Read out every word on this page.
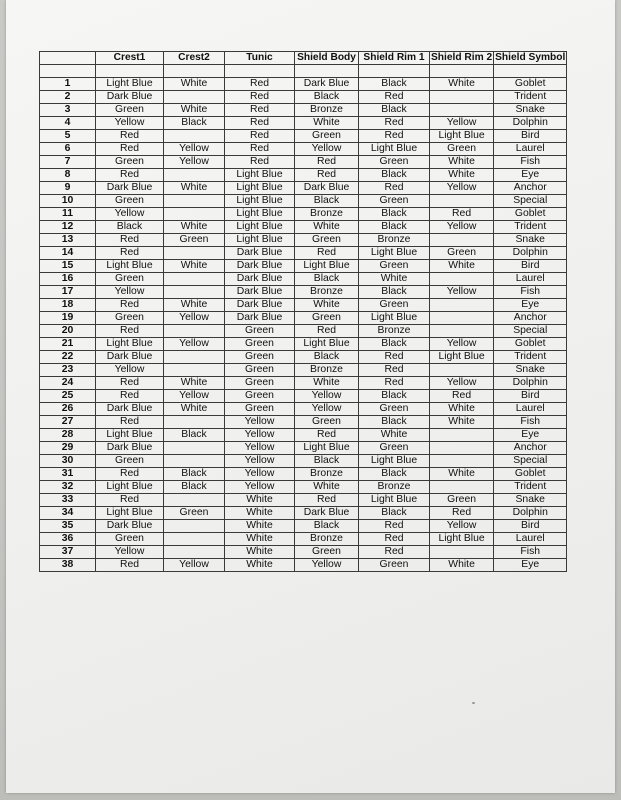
	Crest1	Crest2	Tunic	Shield Body	Shield Rim 1	Shield Rim 2	Shield Symbol

1	Light Blue	White	Red	Dark Blue	Black	White	Goblet
2	Dark Blue		Red	Black	Red		Trident
3	Green	White	Red	Bronze	Black		Snake
4	Yellow	Black	Red	White	Red	Yellow	Dolphin
5	Red		Red	Green	Red	Light Blue	Bird
6	Red	Yellow	Red	Yellow	Light Blue	Green	Laurel
7	Green	Yellow	Red	Red	Green	White	Fish
8	Red		Light Blue	Red	Black	White	Eye
9	Dark Blue	White	Light Blue	Dark Blue	Red	Yellow	Anchor
10	Green		Light Blue	Black	Green		Special
11	Yellow		Light Blue	Bronze	Black	Red	Goblet
12	Black	White	Light Blue	White	Black	Yellow	Trident
13	Red	Green	Light Blue	Green	Bronze		Snake
14	Red		Dark Blue	Red	Light Blue	Green	Dolphin
15	Light Blue	White	Dark Blue	Light Blue	Green	White	Bird
16	Green		Dark Blue	Black	White		Laurel
17	Yellow		Dark Blue	Bronze	Black	Yellow	Fish
18	Red	White	Dark Blue	White	Green		Eye
19	Green	Yellow	Dark Blue	Green	Light Blue		Anchor
20	Red		Green	Red	Bronze		Special
21	Light Blue	Yellow	Green	Light Blue	Black	Yellow	Goblet
22	Dark Blue		Green	Black	Red	Light Blue	Trident
23	Yellow		Green	Bronze	Red		Snake
24	Red	White	Green	White	Red	Yellow	Dolphin
25	Red	Yellow	Green	Yellow	Black	Red	Bird
26	Dark Blue	White	Green	Yellow	Green	White	Laurel
27	Red		Yellow	Green	Black	White	Fish
28	Light Blue	Black	Yellow	Red	White		Eye
29	Dark Blue		Yellow	Light Blue	Green		Anchor
30	Green		Yellow	Black	Light Blue		Special
31	Red	Black	Yellow	Bronze	Black	White	Goblet
32	Light Blue	Black	Yellow	White	Bronze		Trident
33	Red		White	Red	Light Blue	Green	Snake
34	Light Blue	Green	White	Dark Blue	Black	Red	Dolphin
35	Dark Blue		White	Black	Red	Yellow	Bird
36	Green		White	Bronze	Red	Light Blue	Laurel
37	Yellow		White	Green	Red		Fish
38	Red	Yellow	White	Yellow	Green	White	Eye
